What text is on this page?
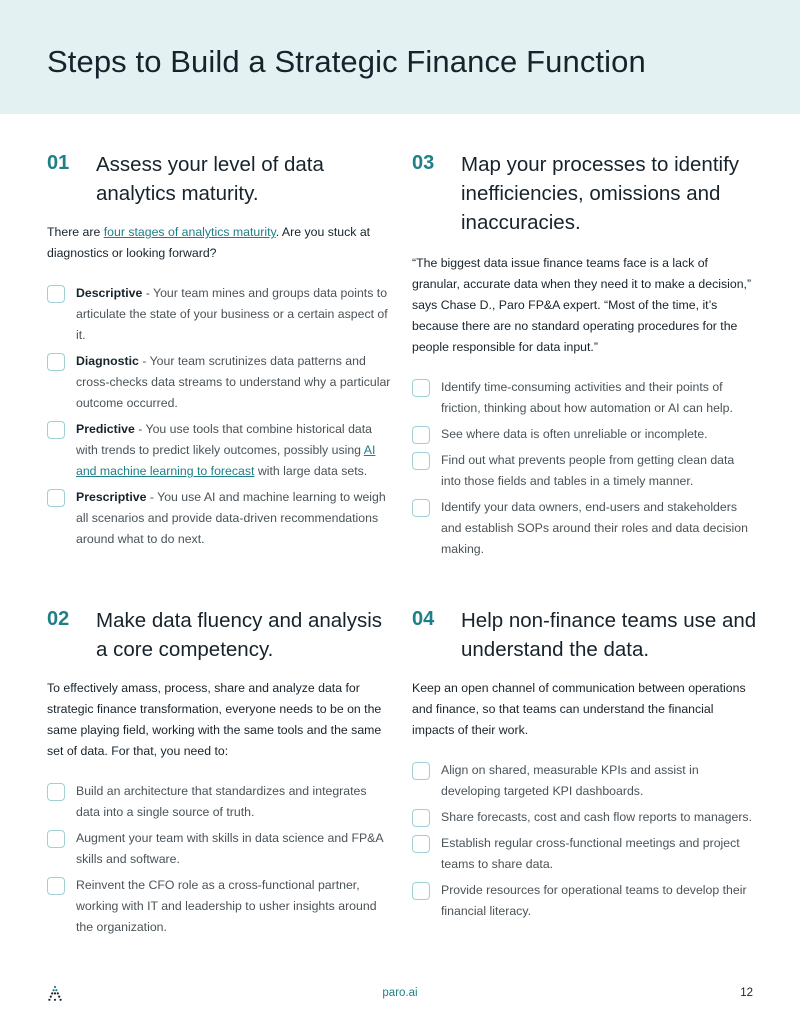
Steps to Build a Strategic Finance Function
01 Assess your level of data analytics maturity.

There are four stages of analytics maturity. Are you stuck at diagnostics or looking forward?

Descriptive - Your team mines and groups data points to articulate the state of your business or a certain aspect of it.
Diagnostic - Your team scrutinizes data patterns and cross-checks data streams to understand why a particular outcome occurred.
Predictive - You use tools that combine historical data with trends to predict likely outcomes, possibly using AI and machine learning to forecast with large data sets.
Prescriptive - You use AI and machine learning to weigh all scenarios and provide data-driven recommendations around what to do next.
03 Map your processes to identify inefficiencies, omissions and inaccuracies.

“The biggest data issue finance teams face is a lack of granular, accurate data when they need it to make a decision,” says Chase D., Paro FP&A expert. “Most of the time, it’s because there are no standard operating procedures for the people responsible for data input.”

Identify time-consuming activities and their points of friction, thinking about how automation or AI can help.
See where data is often unreliable or incomplete.
Find out what prevents people from getting clean data into those fields and tables in a timely manner.
Identify your data owners, end-users and stakeholders and establish SOPs around their roles and data decision making.
02 Make data fluency and analysis a core competency.

To effectively amass, process, share and analyze data for strategic finance transformation, everyone needs to be on the same playing field, working with the same tools and the same set of data. For that, you need to:

Build an architecture that standardizes and integrates data into a single source of truth.
Augment your team with skills in data science and FP&A skills and software.
Reinvent the CFO role as a cross-functional partner, working with IT and leadership to usher insights around the organization.
04 Help non-finance teams use and understand the data.

Keep an open channel of communication between operations and finance, so that teams can understand the financial impacts of their work.

Align on shared, measurable KPIs and assist in developing targeted KPI dashboards.
Share forecasts, cost and cash flow reports to managers.
Establish regular cross-functional meetings and project teams to share data.
Provide resources for operational teams to develop their financial literacy.
paro.ai	12
